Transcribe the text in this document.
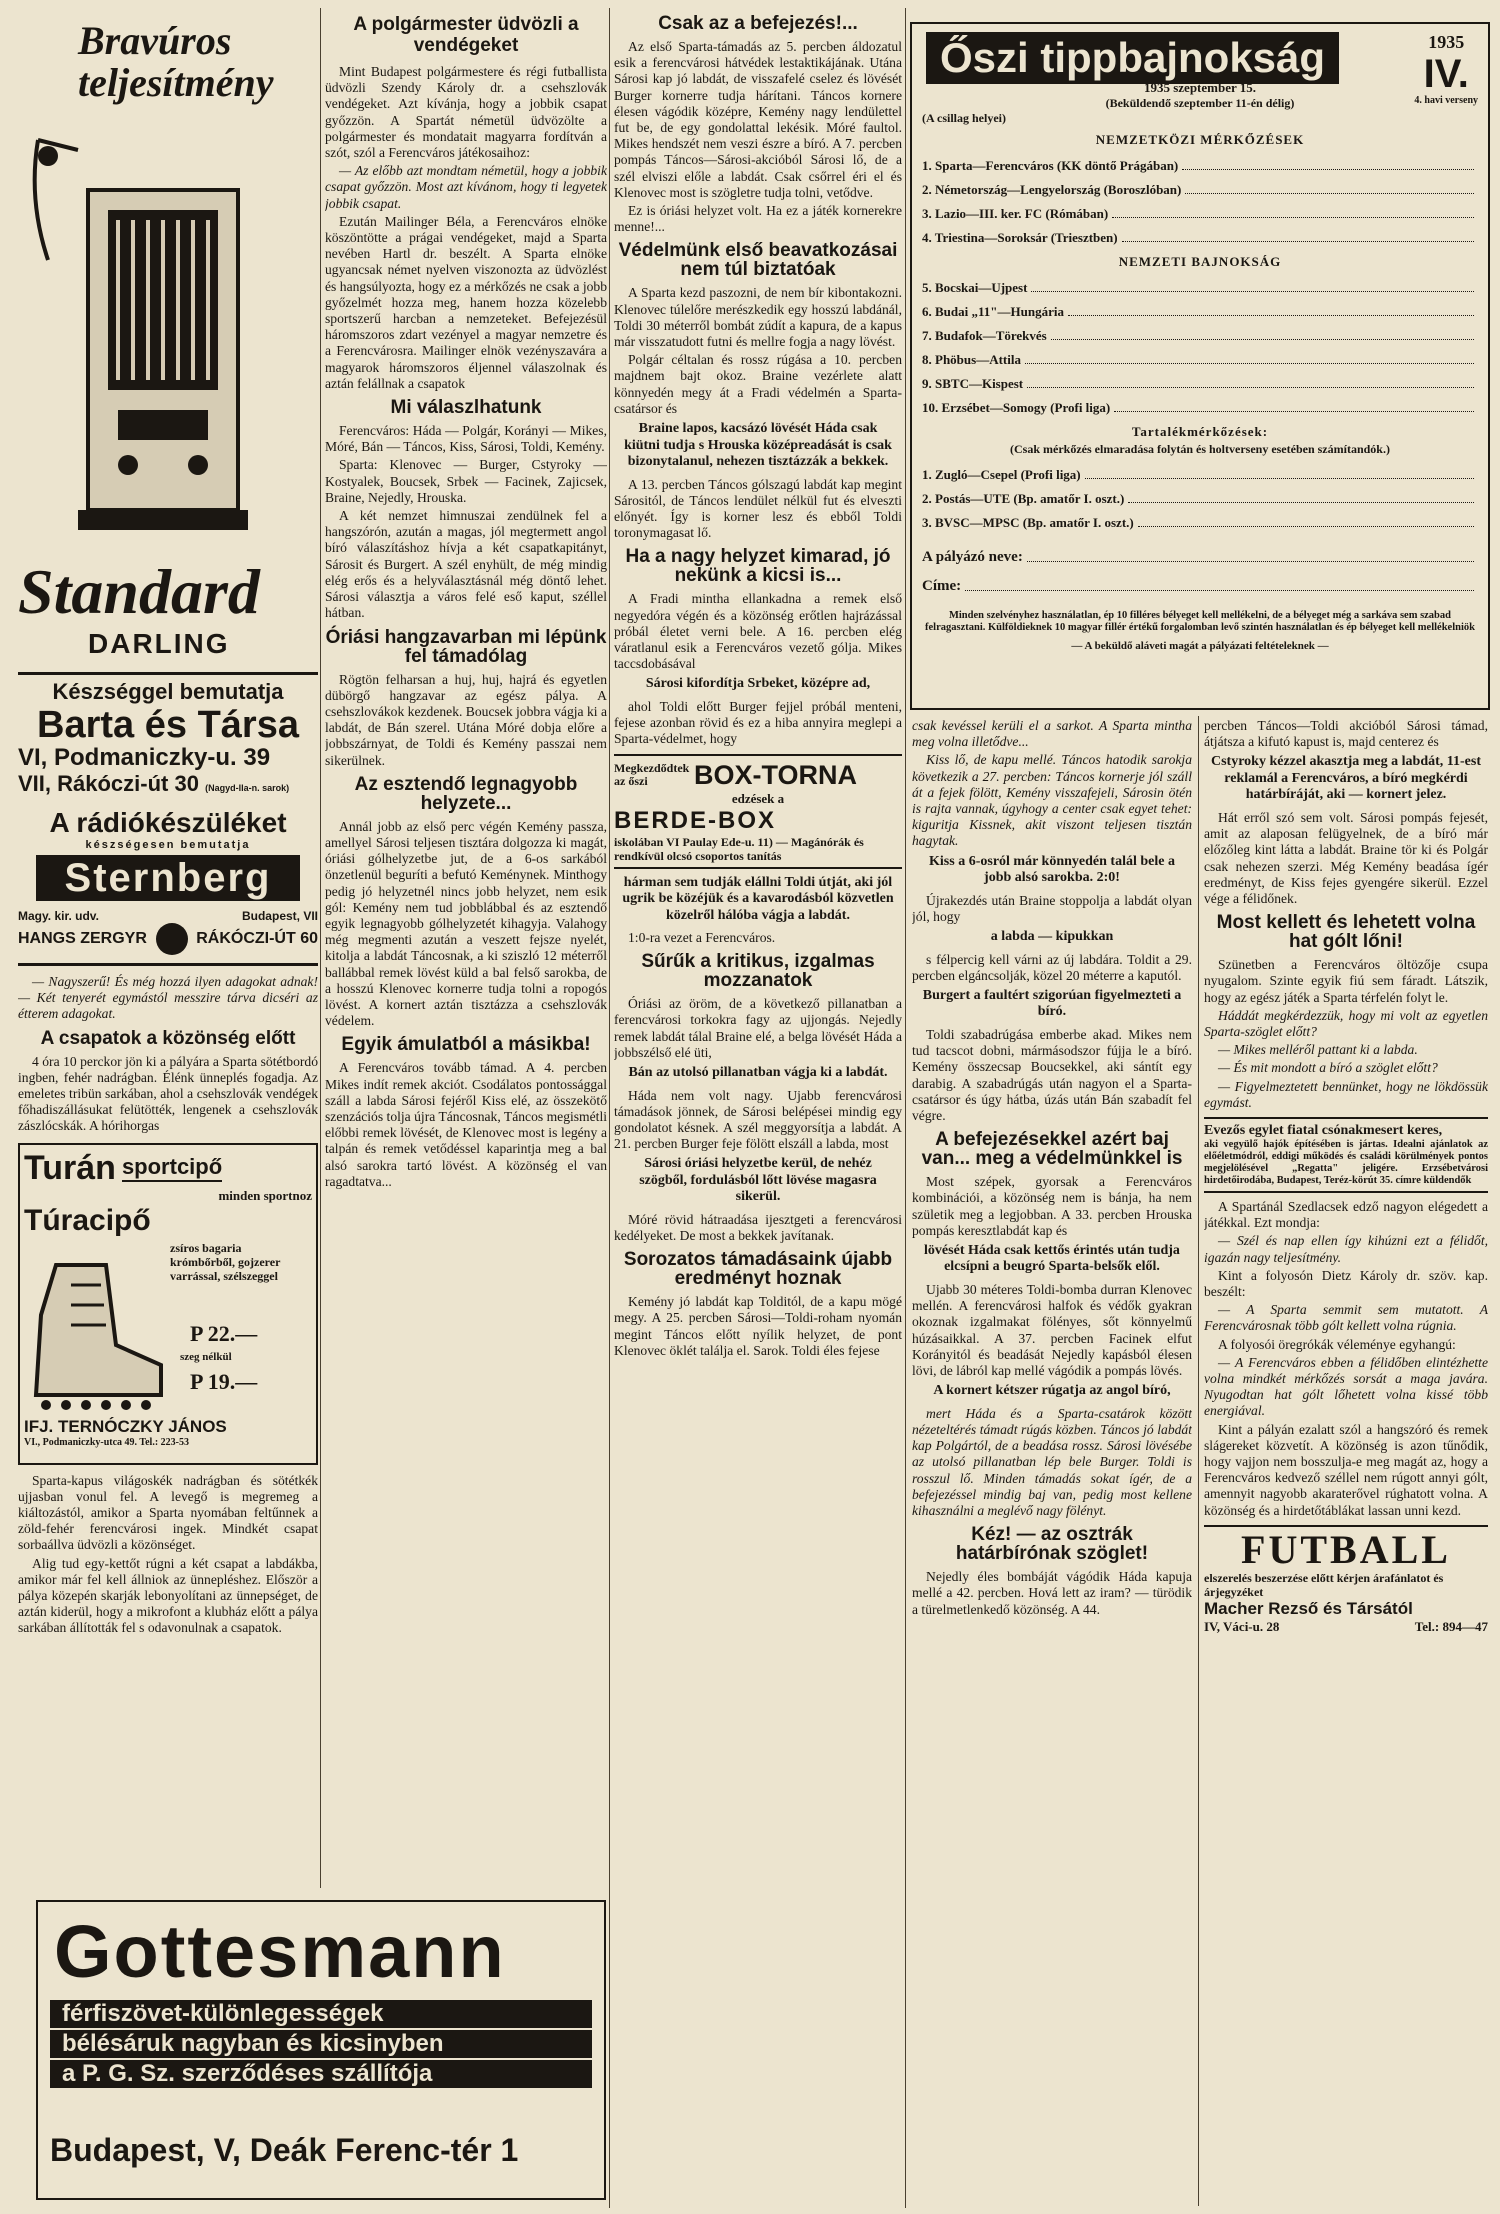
Bravúros teljesítmény
Standard
DARLING
Készséggel bemutatja
Barta és Társa
VI, Podmaniczky-u. 39
VII, Rákóczi-út 30 (Nagyd-lla-n. sarok)
A rádiókészüléket
készségesen bemutatja
Sternberg
Magy. kir. udv.	Budapest, VII
HANGS ZERGYR	RÁKÓCZI-ÚT 60

— Nagyszerű! És még hozzá ilyen adagokat adnak! — Két tenyerét egymástól messzire tárva dicséri az étterem adagokat.

A csapatok a közönség előtt

4 óra 10 perckor jön ki a pályára a Sparta sötétbordó ingben, fehér nadrágban. Élénk ünneplés fogadja. Az emeletes tribün sarkában, ahol a csehszlovák vendégek főhadiszállásukat felütötték, lengenek a csehszlovák zászlócskák. A hórihorgas

Turán sportcipő
minden sportnoz
Túracipő
zsíros bagaria krómbőrből, gojzerer varrással, szélszeggel
P 22.—
szeg nélkül
P 19.—
IFJ. TERNÓCZKY JÁNOS
VI., Podmaniczky-utca 49. Tel.: 223-53

Sparta-kapus világoskék nadrágban és sötétkék ujjasban vonul fel. A levegő is megremeg a kiáltozástól, amikor a Sparta nyomában feltűnnek a zöld-fehér ferencvárosi ingek. Mindkét csapat sorbaállva üdvözli a közönséget.

Alig tud egy-kettőt rúgni a két csapat a labdákba, amikor már fel kell állniok az ünnepléshez. Először a pálya közepén skarják lebonyolítani az ünnepséget, de aztán kiderül, hogy a mikrofont a klubház előtt a pálya sarkában állították fel s odavonulnak a csapatok.

A polgármester üdvözli a vendégeket

Mint Budapest polgármestere és régi futballista üdvözli Szendy Károly dr. a csehszlovák vendégeket. Azt kívánja, hogy a jobbik csapat győzzön. A Spartát németül üdvözölte a polgármester és mondatait magyarra fordítván a szót, szól a Ferencváros játékosaihoz:

— Az előbb azt mondtam németül, hogy a jobbik csapat győzzön. Most azt kívánom, hogy ti legyetek jobbik csapat.

Ezután Mailinger Béla, a Ferencváros elnöke köszöntötte a prágai vendégeket, majd a Sparta nevében Hartl dr. beszélt. A Sparta elnöke ugyancsak német nyelven viszonozta az üdvözlést és hangsúlyozta, hogy ez a mérkőzés ne csak a jobb győzelmét hozza meg, hanem hozza közelebb sportszerű harcban a nemzeteket. Befejezésül háromszoros zdart vezényel a magyar nemzetre és a Ferencvárosra. Mailinger elnök vezényszavára a magyarok háromszoros éljennel válaszolnak és aztán felállnak a csapatok

Mi válaszlhatunk

Ferencváros: Háda — Polgár, Korányi — Mikes, Móré, Bán — Táncos, Kiss, Sárosi, Toldi, Kemény.

Sparta: Klenovec — Burger, Cstyroky — Kostyalek, Boucsek, Srbek — Facinek, Zajicsek, Braine, Nejedly, Hrouska.

A két nemzet himnuszai zendülnek fel a hangszórón, azután a magas, jól megtermett angol bíró válaszításhoz hívja a két csapatkapitányt, Sárosit és Burgert. A szél enyhült, de még mindig elég erős és a helyválasztásnál még döntő lehet. Sárosi választja a város felé eső kaput, széllel hátban.

Óriási hangzavarban mi lépünk fel támadólag

Rögtön felharsan a huj, huj, hajrá és egyetlen dübörgő hangzavar az egész pálya. A csehszlovákok kezdenek. Boucsek jobbra vágja ki a labdát, de Bán szerel. Utána Móré dobja előre a jobbszárnyat, de Toldi és Kemény passzai nem sikerülnek.

Az esztendő legnagyobb helyzete...

Annál jobb az első perc végén Kemény passza, amellyel Sárosi teljesen tisztára dolgozza ki magát, óriási gólhelyzetbe jut, de a 6-os sarkából önzetlenül beguríti a befutó Keménynek. Minthogy pedig jó helyzetnél nincs jobb helyzet, nem esik gól: Kemény nem tud jobblábbal és az esztendő egyik legnagyobb gólhelyzetét kihagyja. Valahogy még megmenti azután a veszett fejsze nyelét, kitolja a labdát Táncosnak, a ki sziszló 12 méterről ballábbal remek lövést küld a bal felső sarokba, de a hosszú Klenovec kornerre tudja tolni a ropogós lövést. A kornert aztán tisztázza a csehszlovák védelem.

Egyik ámulatból a másikba!

A Ferencváros tovább támad. A 4. percben Mikes indít remek akciót. Csodálatos pontossággal száll a labda Sárosi fejéről Kiss elé, az összekötő szenzációs tolja újra Táncosnak, Táncos megismétli előbbi remek lövését, de Klenovec most is legény a talpán és remek vetődéssel kaparintja meg a bal alsó sarokra tartó lövést. A közönség el van ragadtatva...

Csak az a befejezés!...

Az első Sparta-támadás az 5. percben áldozatul esik a ferencvárosi hátvédek lestaktikájának. Utána Sárosi kap jó labdát, de visszafelé cselez és lövését Burger kornerre tudja hárítani. Táncos kornere élesen vágódik középre, Kemény nagy lendülettel fut be, de egy gondolattal lekésik. Móré faultol. Mikes hendszét nem veszi észre a bíró. A 7. percben pompás Táncos—Sárosi-akcióból Sárosi lő, de a szél elviszi előle a labdát. Csak csőrrel éri el és Klenovec most is szögletre tudja tolni, vetődve.

Ez is óriási helyzet volt. Ha ez a játék kornerekre menne!...

Védelmünk első beavatkozásai nem túl biztatóak

A Sparta kezd paszozni, de nem bír kibontakozni. Klenovec túlelőre merészkedik egy hosszú labdánál, Toldi 30 méterről bombát zúdít a kapura, de a kapus már visszatudott futni és mellre fogja a nagy lövést.

Polgár céltalan és rossz rúgása a 10. percben majdnem bajt okoz. Braine vezérlete alatt könnyedén megy át a Fradi védelmén a Sparta-csatársor és

Braine lapos, kacsázó lövését Háda csak kiütni tudja s Hrouska középreadását is csak bizonytalanul, nehezen tisztázzák a bekkek.

A 13. percben Táncos gólszagú labdát kap megint Sárositól, de Táncos lendület nélkül fut és elveszti előnyét. Így is korner lesz és ebből Toldi toronymagasat lő.

Ha a nagy helyzet kimarad, jó nekünk a kicsi is...

A Fradi mintha ellankadna a remek első negyedóra végén és a közönség erőtlen hajrázással próbál életet verni bele. A 16. percben elég váratlanul esik a Ferencváros vezető gólja. Mikes taccsdobásával

Sárosi kifordítja Srbeket, középre ad,

ahol Toldi előtt Burger fejjel próbál menteni, fejese azonban rövid és ez a hiba annyira meglepi a Sparta-védelmet, hogy

Megkezdődtek az őszi	BOX-TORNA
edzések a
BERDE-BOX
iskolában VI Paulay Ede-u. 11) — Magánórák és rendkívül olcsó csoportos tanítás
hárman sem tudják elállni Toldi útját, aki jól ugrik be közéjük és a kavarodásból közvetlen közelről hálóba vágja a labdát.

1:0-ra vezet a Ferencváros.

Sűrűk a kritikus, izgalmas mozzanatok

Óriási az öröm, de a következő pillanatban a ferencvárosi torkokra fagy az ujjongás. Nejedly remek labdát tálal Braine elé, a belga lövését Háda a jobbszélső elé üti,

Bán az utolsó pillanatban vágja ki a labdát.

Háda nem volt nagy. Ujabb ferencvárosi támadások jönnek, de Sárosi belépései mindig egy gondolatot késnek. A szél meggyorsítja a labdát. A 21. percben Burger feje fölött elszáll a labda, most

Sárosi óriási helyzetbe kerül, de nehéz szögből, fordulásból lőtt lövése magasra sikerül.

Móré rövid hátraadása ijesztgeti a ferencvárosi kedélyeket. De most a bekkek javítanak.

Sorozatos támadásaink újabb eredményt hoznak

Kemény jó labdát kap Tolditól, de a kapu mögé megy. A 25. percben Sárosi—Toldi-roham nyomán megint Táncos előtt nyílik helyzet, de pont Klenovec öklét találja el. Sarok. Toldi éles fejese

Őszi tippbajnokság	1935
IV.
4. havi verseny
1935 szeptember 15.
(Beküldendő szeptember 11-én délig)
(A csillag helyei)
NEMZETKÖZI MÉRKŐZÉSEK
1. Sparta—Ferencváros (KK döntő Prágában)
2. Németország—Lengyelország (Boroszlóban)
3. Lazio—III. ker. FC (Rómában)
4. Triestina—Soroksár (Triesztben)
NEMZETI BAJNOKSÁG
5. Bocskai—Ujpest
6. Budai „11"—Hungária
7. Budafok—Törekvés
8. Phöbus—Attila
9. SBTC—Kispest
10. Erzsébet—Somogy (Profi liga)
Tartalékmérkőzések:
(Csak mérkőzés elmaradása folytán és holtverseny esetében számítandók.)
1. Zugló—Csepel (Profi liga)
2. Postás—UTE (Bp. amatőr I. oszt.)
3. BVSC—MPSC (Bp. amatőr I. oszt.)
A pályázó neve:
Címe:
Minden szelvényhez használatlan, ép 10 filléres bélyeget kell mellékelni, de a bélyeget még a sarkáva sem szabad felragasztani. Külföldieknek 10 magyar fillér értékű forgalomban levő szintén használatlan és ép bélyeget kell mellékelniök
— A beküldő aláveti magát a pályázati feltételeknek —

csak kevéssel kerüli el a sarkot. A Sparta mintha meg volna illetődve...

Kiss lő, de kapu mellé. Táncos hatodik sarokja következik a 27. percben: Táncos kornerje jól száll át a fejek fölött, Kemény visszafejeli, Sárosin ötén is rajta vannak, úgyhogy a center csak egyet tehet: kiguritja Kissnek, akit viszont teljesen tisztán hagytak.

Kiss a 6-osról már könnyedén talál bele a jobb alsó sarokba. 2:0!

Újrakezdés után Braine stoppolja a labdát olyan jól, hogy

a labda — kipukkan

s félpercig kell várni az új labdára. Toldit a 29. percben elgáncsolják, közel 20 méterre a kaputól.

Burgert a faultért szigorúan figyelmezteti a bíró.

Toldi szabadrúgása emberbe akad. Mikes nem tud tacscot dobni, mármásodszor fújja le a bíró. Kemény összecsap Boucsekkel, aki sántít egy darabig. A szabadrúgás után nagyon el a Sparta-csatársor és úgy hátba, úzás után Bán szabadít fel végre.

A befejezésekkel azért baj van... meg a védelmünkkel is

Most szépek, gyorsak a Ferencváros kombinációi, a közönség nem is bánja, ha nem születik meg a legjobban. A 33. percben Hrouska pompás keresztlabdát kap és

lövését Háda csak kettős érintés után tudja elcsípni a beugró Sparta-belsők elől.

Ujabb 30 méteres Toldi-bomba durran Klenovec mellén. A ferencvárosi halfok és védők gyakran okoznak izgalmakat fölényes, sőt könnyelmű húzásaikkal. A 37. percben Facinek elfut Korányitól és beadását Nejedly kapásból élesen lövi, de lábról kap mellé vágódik a pompás lövés.

A kornert kétszer rúgatja az angol bíró,

mert Háda és a Sparta-csatárok között nézeteltérés támadt rúgás közben. Táncos jó labdát kap Polgártól, de a beadása rossz. Sárosi lövésébe az utolsó pillanatban lép bele Burger. Toldi is rosszul lő. Minden támadás sokat ígér, de a befejezéssel mindig baj van, pedig most kellene kihasználni a meglévő nagy fölényt.

Kéz! — az osztrák határbírónak szöglet!

Nejedly éles bombáját vágódik Háda kapuja mellé a 42. percben. Hová lett az iram? — türödik a türelmetlenkedő közönség. A 44.

percben Táncos—Toldi akcióból Sárosi támad, átjátsza a kifutó kapust is, majd centerez és

Cstyroky kézzel akasztja meg a labdát, 11-est reklamál a Ferencváros, a bíró megkérdi határbíráját, aki — kornert jelez.

Hát erről szó sem volt. Sárosi pompás fejesét, amit az alaposan felügyelnek, de a bíró már előzőleg kint látta a labdát. Braine tör ki és Polgár csak nehezen szerzi. Még Kemény beadása ígér eredményt, de Kiss fejes gyengére sikerül. Ezzel vége a félidőnek.

Most kellett és lehetett volna hat gólt lőni!

Szünetben a Ferencváros öltözője csupa nyugalom. Szinte egyik fiú sem fáradt. Látszik, hogy az egész játék a Sparta térfelén folyt le.

Háddát megkérdezzük, hogy mi volt az egyetlen Sparta-szöglet előtt?

— Mikes melléről pattant ki a labda.

— És mit mondott a bíró a szöglet előtt?

— Figyelmeztetett bennünket, hogy ne lökdössük egymást.

Evezős egylet fiatal csónakmesert keres,
aki vegyülő hajók építésében is jártas. Idealni ajánlatok az előéletmódról, eddigi működés és családi körülmények pontos megjelölésével „Regatta" jeligére. Erzsébetvárosi hirdetőirodába, Budapest, Teréz-körút 35. címre küldendők

A Spartánál Szedlacsek edző nagyon elégedett a játékkal. Ezt mondja:

— Szél és nap ellen így kihúzni ezt a félidőt, igazán nagy teljesítmény.

Kint a folyosón Dietz Károly dr. szöv. kap. beszélt:

— A Sparta semmit sem mutatott. A Ferencvárosnak több gólt kellett volna rúgnia.

A folyosói öregrókák véleménye egyhangú:

— A Ferencváros ebben a félidőben elintézhette volna mindkét mérkőzés sorsát a maga javára. Nyugodtan hat gólt lőhetett volna kissé több energiával.

Kint a pályán ezalatt szól a hangszóró és remek slágereket közvetít. A közönség is azon tűnődik, hogy vajjon nem bosszulja-e meg magát az, hogy a Ferencváros kedvező széllel nem rúgott annyi gólt, amennyit nagyobb akaraterővel rúghatott volna. A közönség és a hirdetőtáblákat lassan unni kezd.

FUTBALL
elszerelés beszerzése előtt kérjen árafánlatot és árjegyzéket
Macher Rezső és Társától
IV, Váci-u. 28	Tel.: 894—47
Gottesmann
férfiszövet-különlegességek
bélésáruk nagyban és kicsinyben
a P. G. Sz. szerződéses szállítója
Budapest, V, Deák Ferenc-tér 1
